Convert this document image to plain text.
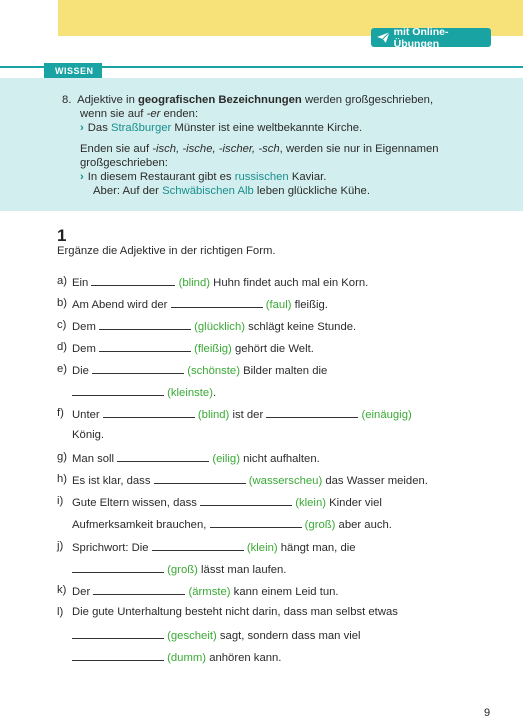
mit Online-Übungen
8. Adjektive in geografischen Bezeichnungen werden großgeschrieben,
wenn sie auf -er enden:
› Das Straßburger Münster ist eine weltbekannte Kirche.
Enden sie auf -isch, -ische, -ischer, -sch, werden sie nur in Eigennamen
großgeschrieben:
› In diesem Restaurant gibt es russischen Kaviar.
Aber: Auf der Schwäbischen Alb leben glückliche Kühe.
WISSEN
1
Ergänze die Adjektive in der richtigen Form.
a) Ein	(blind) Huhn findet auch mal ein Korn.
b) Am Abend wird der	(faul) fleißig.
c) Dem	(glücklich) schlägt keine Stunde.
d) Dem	(fleißig) gehört die Welt.
e) Die	(schönste) Bilder malten die
(kleinste).
f) Unter	(blind) ist der	(einäugig)
König.
g) Man soll	(eilig) nicht aufhalten.
h) Es ist klar, dass	(wasserscheu) das Wasser meiden.
i) Gute Eltern wissen, dass	(klein) Kinder viel
Aufmerksamkeit brauchen,	(groß) aber auch.
j) Sprichwort: Die	(klein) hängt man, die
(groß) lässt man laufen.
k) Der	(ärmste) kann einem Leid tun.
l) Die gute Unterhaltung besteht nicht darin, dass man selbst etwas
(gescheit) sagt, sondern dass man viel
(dumm) anhören kann.
9
